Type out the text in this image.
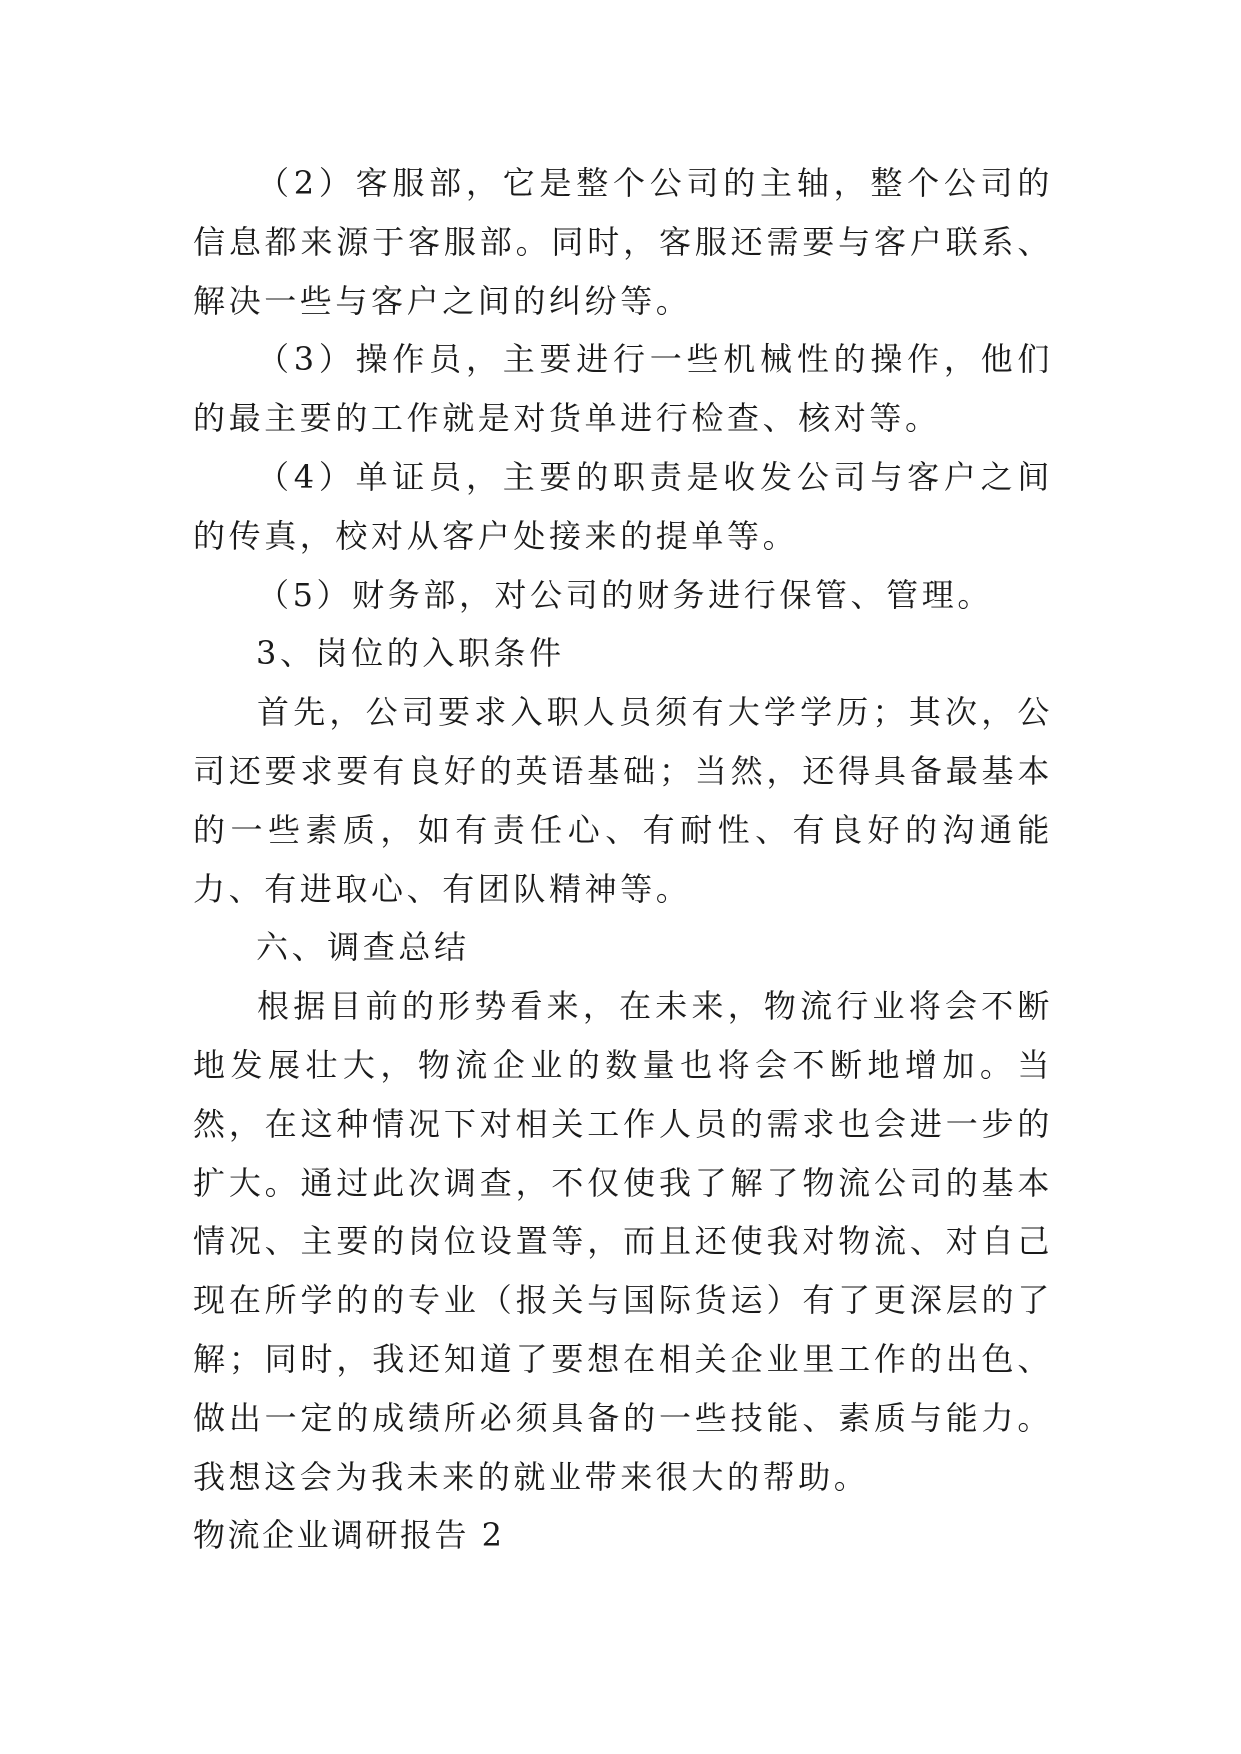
（2）客服部，它是整个公司的主轴，整个公司的信息都来源于客服部。同时，客服还需要与客户联系、解决一些与客户之间的纠纷等。

（3）操作员，主要进行一些机械性的操作，他们的最主要的工作就是对货单进行检查、核对等。

（4）单证员，主要的职责是收发公司与客户之间的传真，校对从客户处接来的提单等。

（5）财务部，对公司的财务进行保管、管理。

3、岗位的入职条件

首先，公司要求入职人员须有大学学历；其次，公司还要求要有良好的英语基础；当然，还得具备最基本的一些素质，如有责任心、有耐性、有良好的沟通能力、有进取心、有团队精神等。

六、调查总结

根据目前的形势看来，在未来，物流行业将会不断地发展壮大，物流企业的数量也将会不断地增加。当然，在这种情况下对相关工作人员的需求也会进一步的扩大。通过此次调查，不仅使我了解了物流公司的基本情况、主要的岗位设置等，而且还使我对物流、对自己现在所学的的专业（报关与国际货运）有了更深层的了解；同时，我还知道了要想在相关企业里工作的出色、做出一定的成绩所必须具备的一些技能、素质与能力。我想这会为我未来的就业带来很大的帮助。

物流企业调研报告 2
